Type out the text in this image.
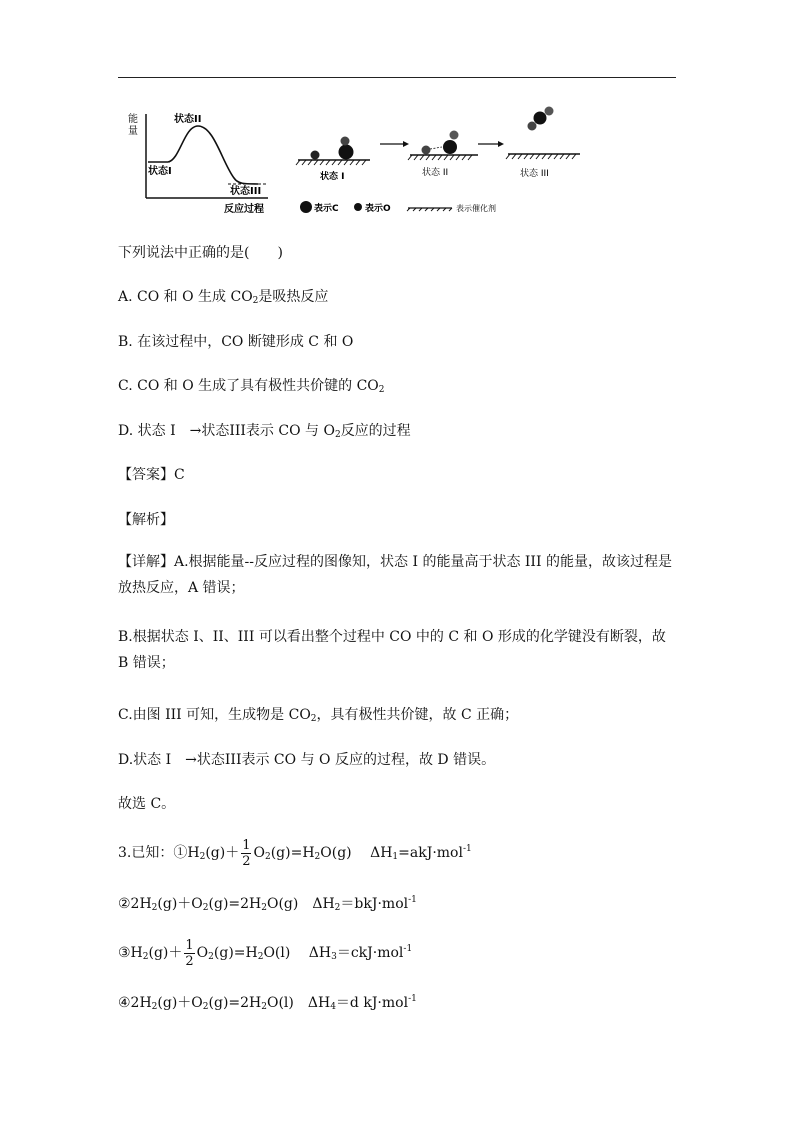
能
量
状态I
状态II
状态III
反应过程
状态 I	状态 II	状态 III
表示C	表示O	表示催化剂
下列说法中正确的是(　　)
A. CO 和 O 生成 $CO_2$是吸热反应
B. 在该过程中，CO 断键形成 C 和 O
C. CO 和 O 生成了具有极性共价键的 $CO_2$
D. 状态 I　→状态III表示 CO 与 $O_2$反应的过程
【答案】C
【解析】
【详解】A.根据能量--反应过程的图像知，状态 I 的能量高于状态 III 的能量，故该过程是放热反应，A 错误；
B.根据状态 I、II、III 可以看出整个过程中 CO 中的 C 和 O 形成的化学键没有断裂，故 B 错误；
C.由图 III 可知，生成物是 $CO_2$，具有极性共价键，故 C 正确；
D.状态 I　→状态III表示 CO 与 O 反应的过程，故 D 错误。
故选 C。
3.已知：$①H_2(g)+ \frac{1}{2} O_2(g)=H_2O(g)$　 $\Delta H_1=akJ\cdot mol^{-1}$
$②2H_2(g)+O_2(g)=2H_2O(g)$　$\Delta H_2=bkJ\cdot mol^{-1}$
$③H_2(g)+ \frac{1}{2} O_2(g)=H_2O(l)$　 $\Delta H_3=ckJ\cdot mol^{-1}$
$④2H_2(g)+O_2(g)=2H_2O(l)$　$\Delta H_4=d$ kJ·mol$^{-1}$
